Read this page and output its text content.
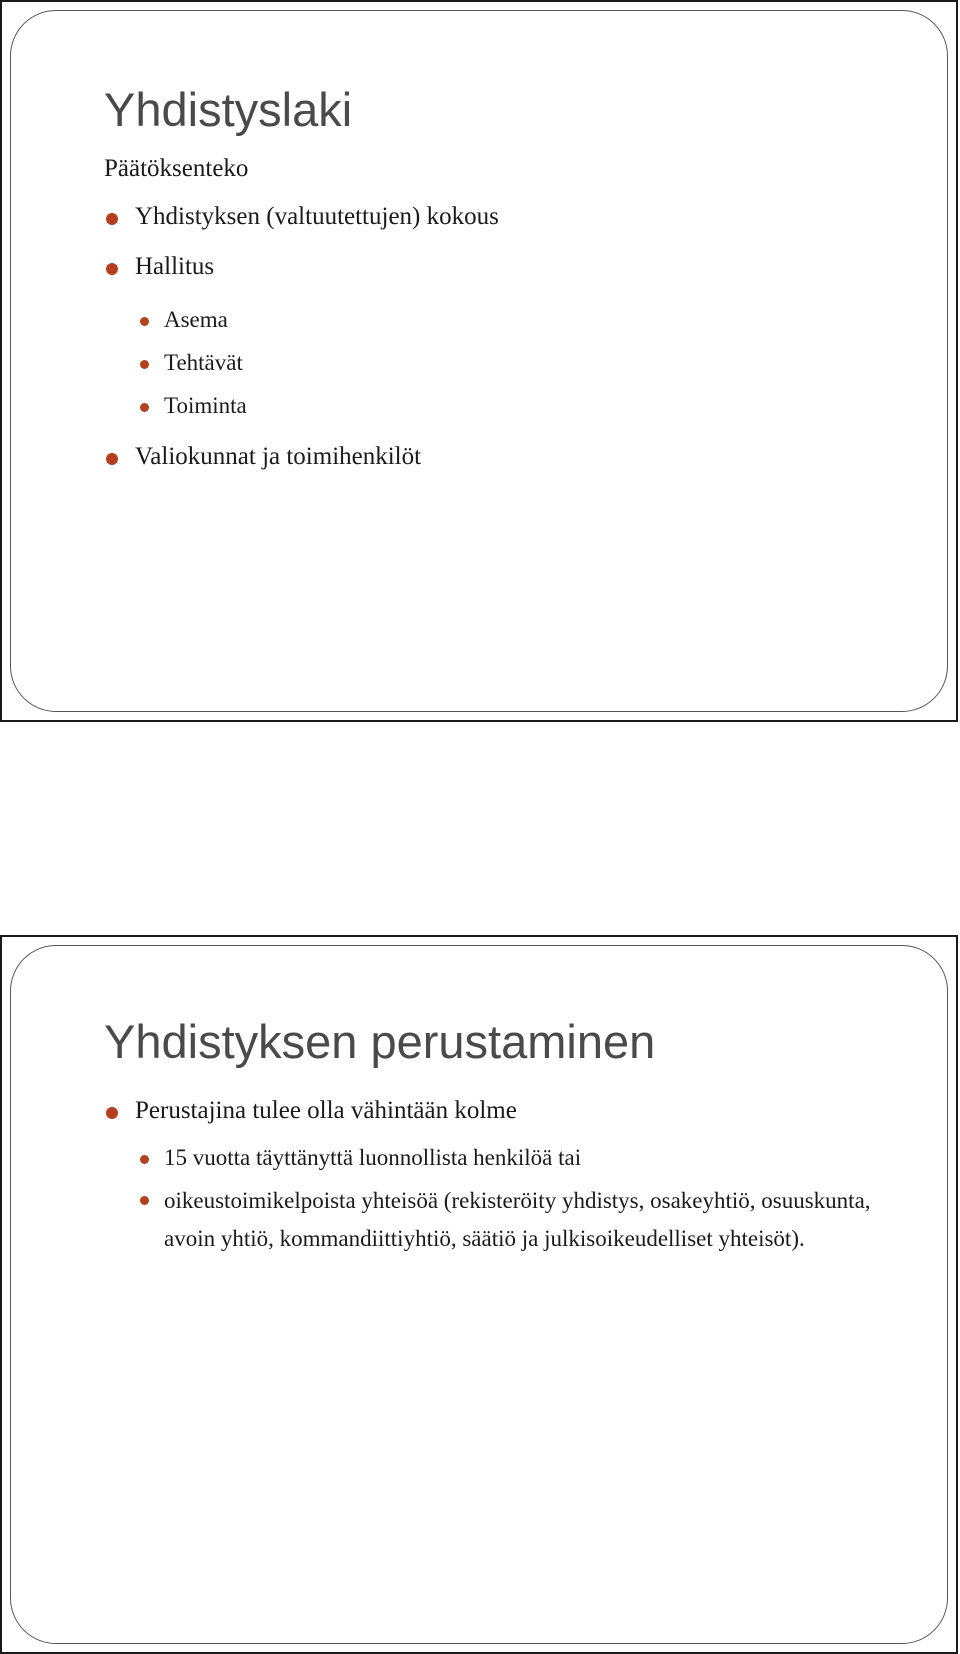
Yhdistyslaki
Päätöksenteko
Yhdistyksen (valtuutettujen) kokous
Hallitus
Asema
Tehtävät
Toiminta
Valiokunnat ja toimihenkilöt
Yhdistyksen perustaminen
Perustajina tulee olla vähintään kolme
15 vuotta täyttänyttä luonnollista henkilöä tai
oikeustoimikelpoista yhteisöä (rekisteröity yhdistys, osakeyhtiö, osuuskunta, avoin yhtiö, kommandiittiyhtiö, säätiö ja julkisoikeudelliset yhteisöt).
